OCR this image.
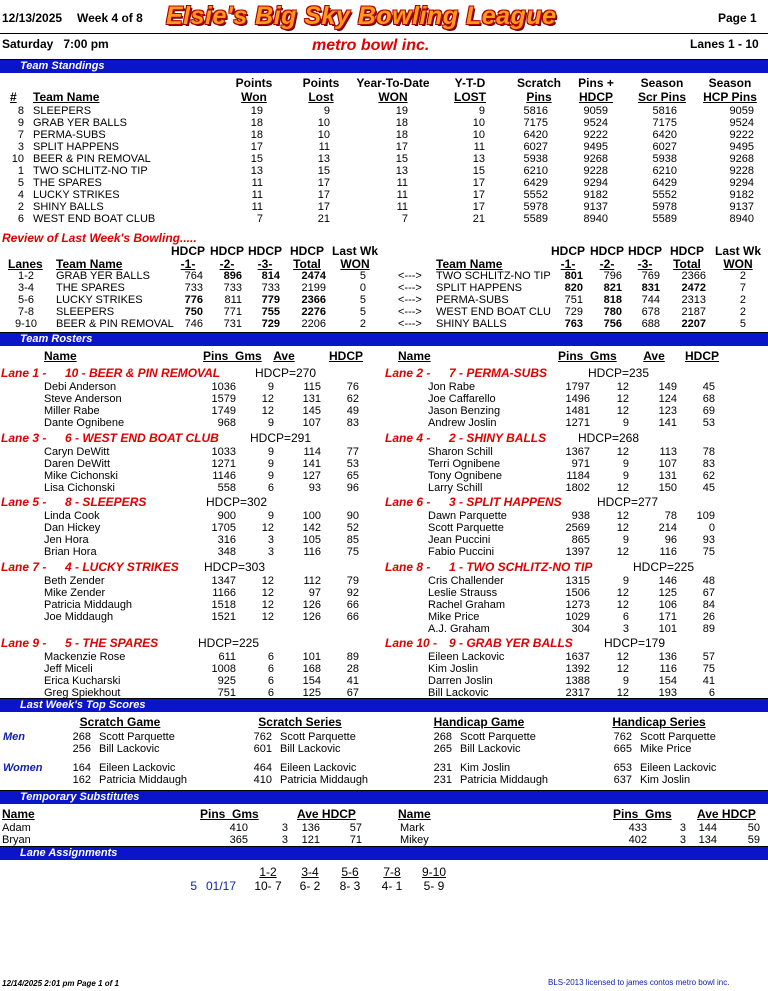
12/13/2025 Week 4 of 8 Elsie's Big Sky Bowling League	Page 1
Saturday   7:00 pm	metro bowl inc.	Lanes 1 - 10
Team Standings
Points
Won
Points
Lost
Year-To-Date
WON
Y-T-D
LOST
Scratch
Pins
Pins +
HDCP
Season
Scr Pins
Season
HCP Pins
# Team Name
8 SLEEPERS	19	9	19	9	5816	9059	5816	9059
9 GRAB YER BALLS	18	10	18	10	7175	9524	7175	9524
7 PERMA-SUBS	18	10	18	10	6420	9222	6420	9222
3 SPLIT HAPPENS	17	11	17	11	6027	9495	6027	9495
10 BEER & PIN REMOVAL	15	13	15	13	5938	9268	5938	9268
1 TWO SCHLITZ-NO TIP	13	15	13	15	6210	9228	6210	9228
5 THE SPARES	11	17	11	17	6429	9294	6429	9294
4 LUCKY STRIKES	11	17	11	17	5552	9182	5552	9182
2 SHINY BALLS	11	17	11	17	5978	9137	5978	9137
6 WEST END BOAT CLUB	7	21	7	21	5589	8940	5589	8940
Review of Last Week's Bowling.....
HDCP
-1-
HDCP
-2-
HDCP
-3-
HDCP
Total
Last Wk
WON
HDCP
-1-
HDCP
-2-
HDCP
-3-
HDCP
Total
Last Wk
WON
Lanes Team Name	Team Name
1-2	GRAB YER BALLS	764	896	814	2474	5	<---> TWO SCHLITZ-NO TIP	801	796	769	2366	2
3-4	THE SPARES	733	733	733	2199	0	<---> SPLIT HAPPENS	820	821	831	2472	7
5-6	LUCKY STRIKES	776	811	779	2366	5	<---> PERMA-SUBS	751	818	744	2313	2
7-8	SLEEPERS	750	771	755	2276	5	<---> WEST END BOAT CLU	729	780	678	2187	2
9-10	BEER & PIN REMOVAL 746	731	729	2206	2	<---> SHINY BALLS	763	756	688	2207	5
Team Rosters
Name	Pins  Gms Ave	HDCP	Name	Pins  Gms	Ave	HDCP
Lane 1 - 10 - BEER & PIN REMOVAL	HDCP=270
Debi Anderson	1036	9	115	76
Steve Anderson	1579	12	131	62
Miller Rabe	1749	12	145	49
Dante Ognibene	968	9	107	83
Lane 3 - 6 - WEST END BOAT CLUB	HDCP=291
Caryn DeWitt	1033	9	114	77
Daren DeWitt	1271	9	141	53
Mike Cichonski	1146	9	127	65
Lisa Cichonski	558	6	93	96
Lane 5 - 8 - SLEEPERS	HDCP=302
Linda Cook	900	9	100	90
Dan Hickey	1705	12	142	52
Jen Hora	316	3	105	85
Brian Hora	348	3	116	75
Lane 7 - 4 - LUCKY STRIKES HDCP=303
Beth Zender	1347	12	112	79
Mike Zender	1166	12	97	92
Patricia Middaugh	1518	12	126	66
Joe Middaugh	1521	12	126	66
Lane 9 - 5 - THE SPARES	HDCP=225
Mackenzie Rose	611	6	101	89
Jeff Miceli	1008	6	168	28
Erica Kucharski	925	6	154	41
Greg Spiekhout	751	6	125	67
Lane 2 - 7 - PERMA-SUBS	HDCP=235
Jon Rabe	1797	12	149	45
Joe Caffarello	1496	12	124	68
Jason Benzing	1481	12	123	69
Andrew Joslin	1271	9	141	53
Lane 4 - 2 - SHINY BALLS	HDCP=268
Sharon Schill	1367	12	113	78
Terri Ognibene	971	9	107	83
Tony Ognibene	1184	9	131	62
Larry Schill	1802	12	150	45
Lane 6 - 3 - SPLIT HAPPENS	HDCP=277
Dawn Parquette	938	12	78	109
Scott Parquette	2569	12	214	0
Jean Puccini	865	9	96	93
Fabio Puccini	1397	12	116	75
Lane 8 - 1 - TWO SCHLITZ-NO TIP	HDCP=225
Cris Challender	1315	9	146	48
Leslie Strauss	1506	12	125	67
Rachel Graham	1273	12	106	84
Mike Price	1029	6	171	26
A.J. Graham	304	3	101	89
Lane 10 - 9 - GRAB YER BALLS	HDCP=179
Eileen Lackovic	1637	12	136	57
Kim Joslin	1392	12	116	75
Darren Joslin	1388	9	154	41
Bill Lackovic	2317	12	193	6
Last Week's Top Scores
Scratch Game	Scratch Series	Handicap Game	Handicap Series
Men
Women
268 Scott Parquette	762 Scott Parquette	268 Scott Parquette	762 Scott Parquette
256 Bill Lackovic	601 Bill Lackovic	265 Bill Lackovic	665 Mike Price
164 Eileen Lackovic	464 Eileen Lackovic	231 Kim Joslin	653 Eileen Lackovic
162 Patricia Middaugh	410 Patricia Middaugh	231 Patricia Middaugh	637 Kim Joslin
Temporary Substitutes
Name	Pins  Gms	Ave HDCP	Name	Pins  Gms Ave HDCP
Adam	410	3	136	57
Bryan	365	3	121	71
Mark	433	3	144	50
Mikey	402	3	134	59
Lane Assignments
1-2	3-4	5-6	7-8	9-10
5 01/17	10- 7	6- 2	8- 3	4- 1	5- 9
12/14/2025 2:01 pm Page 1 of 1	BLS-2013 licensed to james contos metro bowl inc.
